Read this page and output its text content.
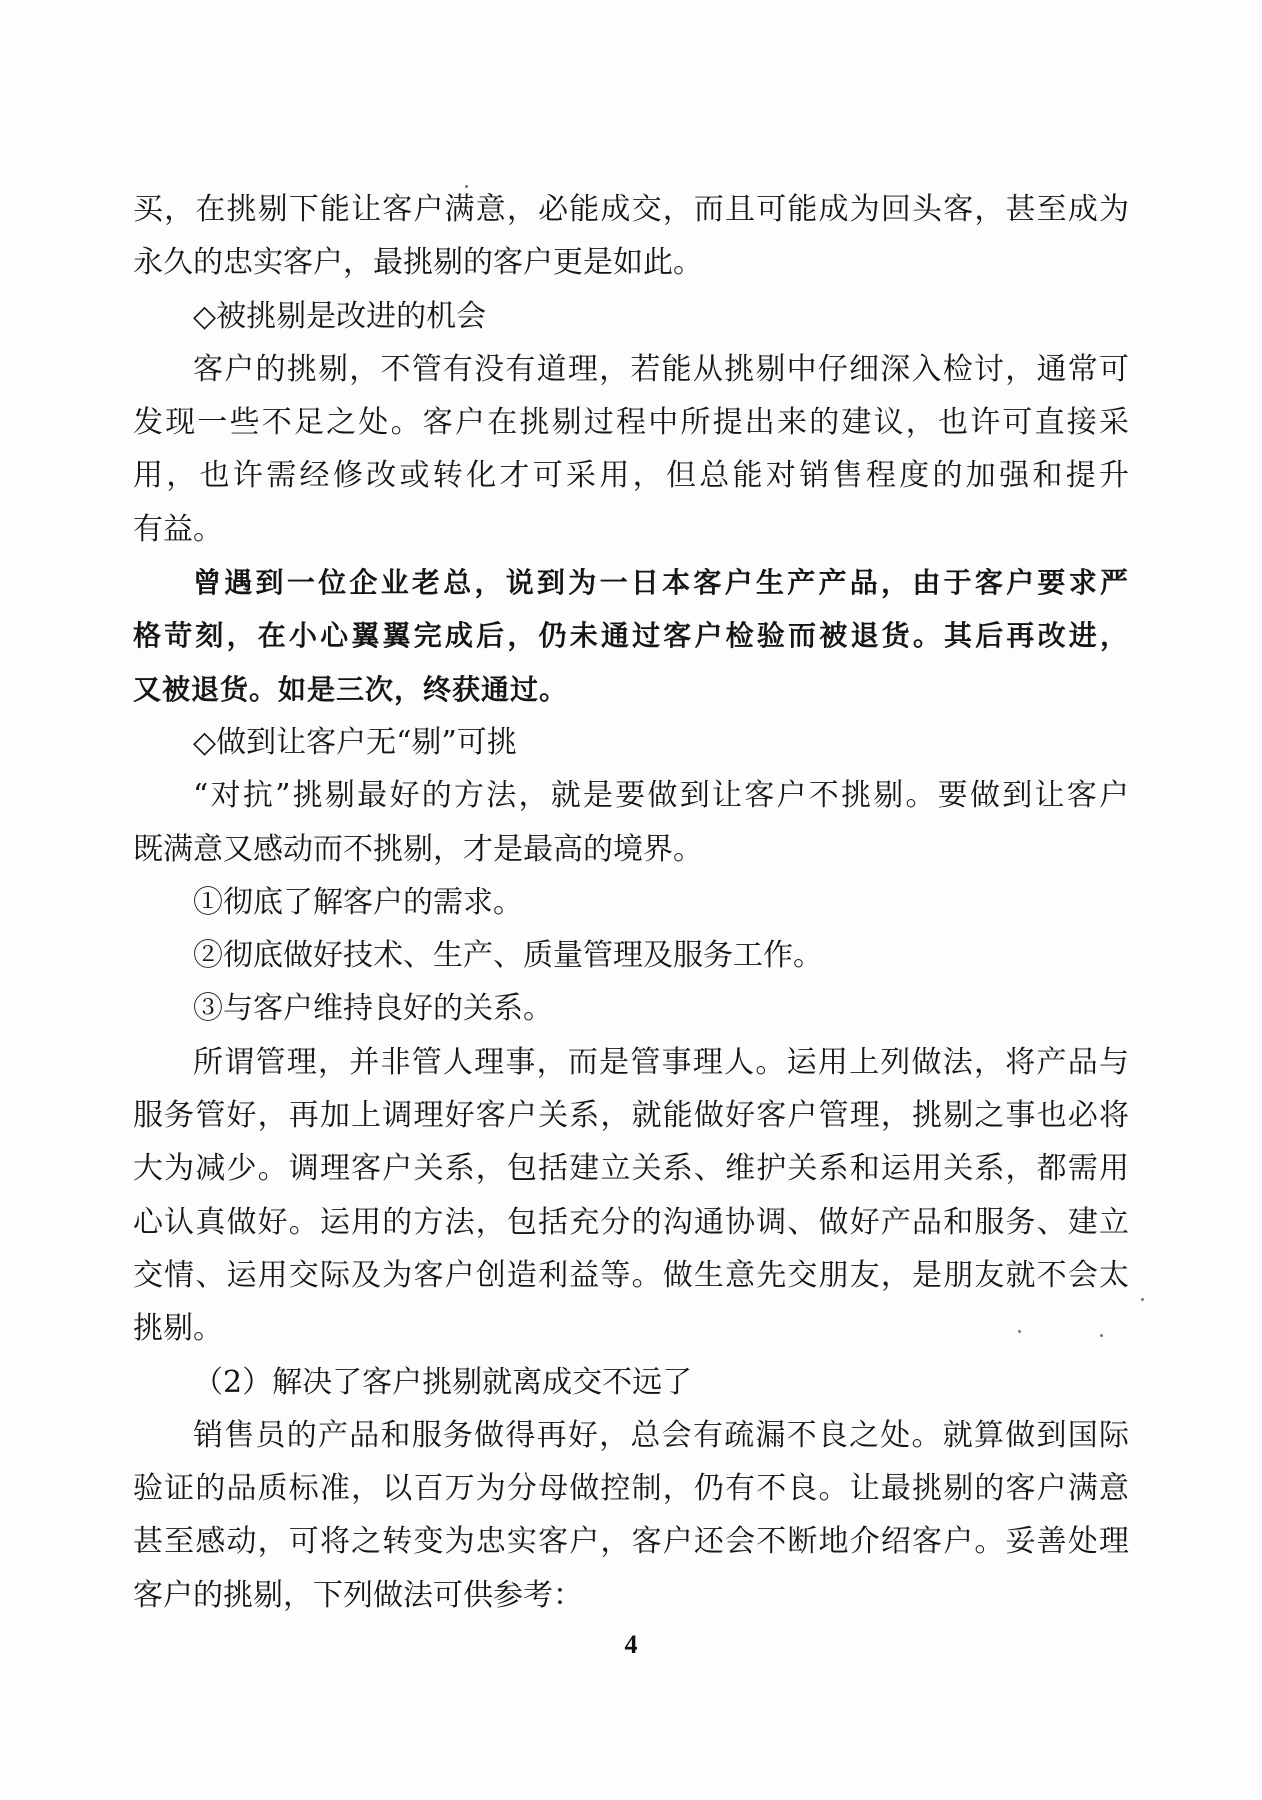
买，在挑剔下能让客户满意，必能成交，而且可能成为回头客，甚至成为
永久的忠实客户，最挑剔的客户更是如此。
◇被挑剔是改进的机会
客户的挑剔，不管有没有道理，若能从挑剔中仔细深入检讨，通常可
发现一些不足之处。客户在挑剔过程中所提出来的建议，也许可直接采
用，也许需经修改或转化才可采用，但总能对销售程度的加强和提升
有益。
曾遇到一位企业老总，说到为一日本客户生产产品，由于客户要求严
格苛刻，在小心翼翼完成后，仍未通过客户检验而被退货。其后再改进，
又被退货。如是三次，终获通过。
◇做到让客户无“剔”可挑
“对抗”挑剔最好的方法，就是要做到让客户不挑剔。要做到让客户
既满意又感动而不挑剔，才是最高的境界。
①彻底了解客户的需求。
②彻底做好技术、生产、质量管理及服务工作。
③与客户维持良好的关系。
所谓管理，并非管人理事，而是管事理人。运用上列做法，将产品与
服务管好，再加上调理好客户关系，就能做好客户管理，挑剔之事也必将
大为减少。调理客户关系，包括建立关系、维护关系和运用关系，都需用
心认真做好。运用的方法，包括充分的沟通协调、做好产品和服务、建立
交情、运用交际及为客户创造利益等。做生意先交朋友，是朋友就不会太
挑剔。
（2）解决了客户挑剔就离成交不远了
销售员的产品和服务做得再好，总会有疏漏不良之处。就算做到国际
验证的品质标准，以百万为分母做控制，仍有不良。让最挑剔的客户满意
甚至感动，可将之转变为忠实客户，客户还会不断地介绍客户。妥善处理
客户的挑剔，下列做法可供参考：
4
